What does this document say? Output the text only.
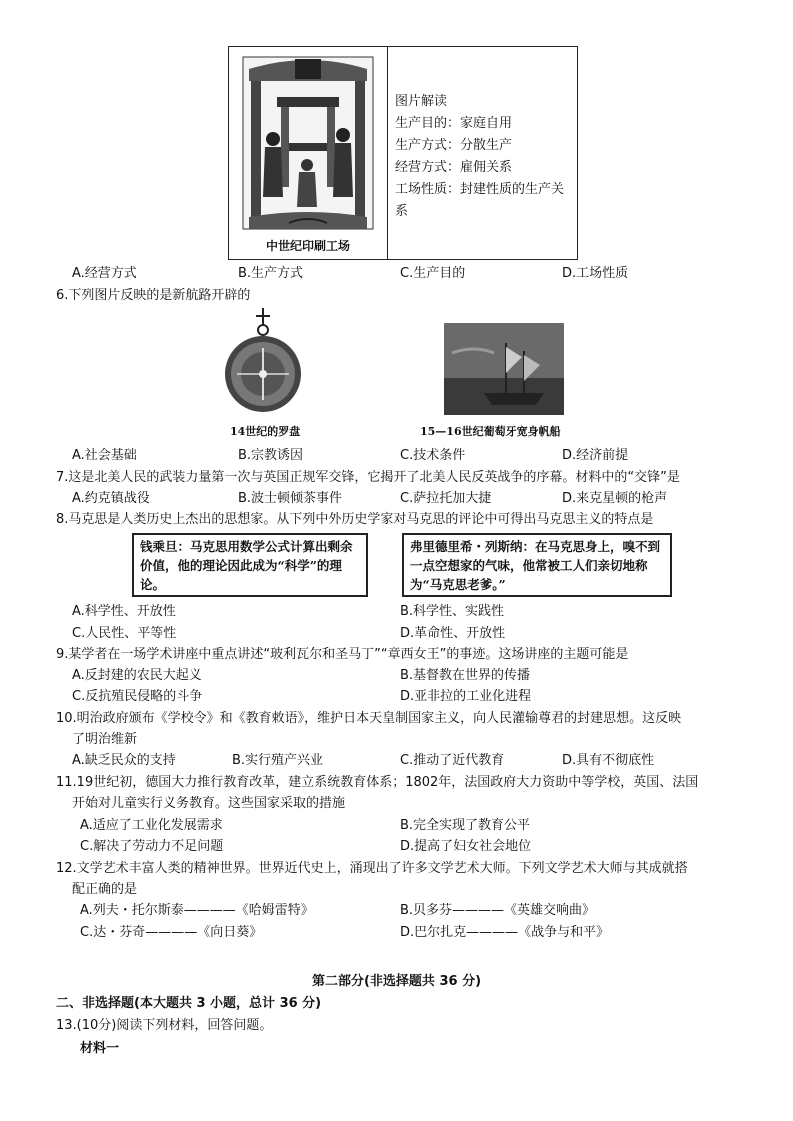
中世纪印刷工场
图片解读
生产目的：家庭自用
生产方式：分散生产
经营方式：雇佣关系
工场性质：封建性质的生产关
系
A.经营方式	B.生产方式	C.生产目的	D.工场性质
6.下列图片反映的是新航路开辟的
14世纪的罗盘	15—16世纪葡萄牙宽身帆船
A.社会基础	B.宗教诱因	C.技术条件	D.经济前提
7.这是北美人民的武装力量第一次与英国正规军交锋，它揭开了北美人民反英战争的序幕。材料中的“交锋”是
A.约克镇战役	B.波士顿倾茶事件	C.萨拉托加大捷	D.来克星顿的枪声
8.马克思是人类历史上杰出的思想家。从下列中外历史学家对马克思的评论中可得出马克思主义的特点是
钱乘旦：马克思用数学公式计算出剩余价值，他的理论因此成为“科学”的理论。
弗里德里希・列斯纳：在马克思身上，嗅不到一点空想家的气味，他常被工人们亲切地称为“马克思老爹。”
A.科学性、开放性	B.科学性、实践性
C.人民性、平等性	D.革命性、开放性
9.某学者在一场学术讲座中重点讲述“玻利瓦尔和圣马丁”“章西女王”的事迹。这场讲座的主题可能是
A.反封建的农民大起义	B.基督教在世界的传播
C.反抗殖民侵略的斗争	D.亚非拉的工业化进程
10.明治政府颁布《学校令》和《教育敕语》，维护日本天皇制国家主义，向人民灌输尊君的封建思想。这反映
了明治维新
A.缺乏民众的支持	B.实行殖产兴业	C.推动了近代教育	D.具有不彻底性
11.19世纪初，德国大力推行教育改革，建立系统教育体系；1802年，法国政府大力资助中等学校，英国、法国
开始对儿童实行义务教育。这些国家采取的措施
A.适应了工业化发展需求	B.完全实现了教育公平
C.解决了劳动力不足问题	D.提高了妇女社会地位
12.文学艺术丰富人类的精神世界。世界近代史上，涌现出了许多文学艺术大师。下列文学艺术大师与其成就搭
配正确的是
A.列夫・托尔斯泰————《哈姆雷特》	B.贝多芬————《英雄交响曲》
C.达・芬奇————《向日葵》	D.巴尔扎克————《战争与和平》
第二部分(非选择题共 36 分)
二、非选择题(本大题共 3 小题，总计 36 分)
13.(10分)阅读下列材料，回答问题。
材料一
